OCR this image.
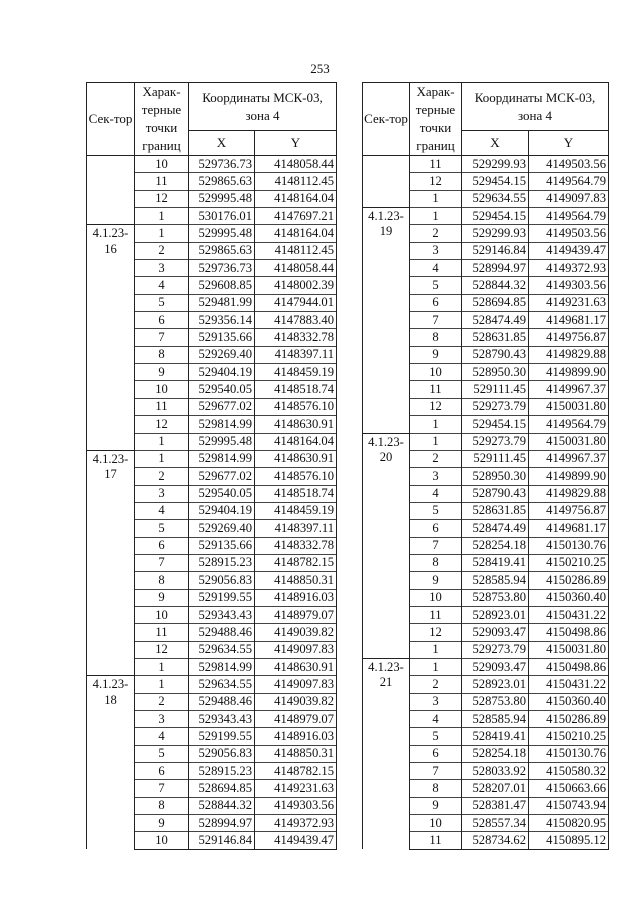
253
Сек-тор	Харак-терные точки границ	Координаты МСК-03, зона 4	
		X	Y
	10	529736.73	4148058.44
	11	529865.63	4148112.45
	12	529995.48	4148164.04
	1	530176.01	4147697.21
4.1.23-16	1	529995.48	4148164.04
	2	529865.63	4148112.45
	3	529736.73	4148058.44
	4	529608.85	4148002.39
	5	529481.99	4147944.01
	6	529356.14	4147883.40
	7	529135.66	4148332.78
	8	529269.40	4148397.11
	9	529404.19	4148459.19
	10	529540.05	4148518.74
	11	529677.02	4148576.10
	12	529814.99	4148630.91
	1	529995.48	4148164.04
4.1.23-17	1	529814.99	4148630.91
	2	529677.02	4148576.10
	3	529540.05	4148518.74
	4	529404.19	4148459.19
	5	529269.40	4148397.11
	6	529135.66	4148332.78
	7	528915.23	4148782.15
	8	529056.83	4148850.31
	9	529199.55	4148916.03
	10	529343.43	4148979.07
	11	529488.46	4149039.82
	12	529634.55	4149097.83
	1	529814.99	4148630.91
4.1.23-18	1	529634.55	4149097.83
	2	529488.46	4149039.82
	3	529343.43	4148979.07
	4	529199.55	4148916.03
	5	529056.83	4148850.31
	6	528915.23	4148782.15
	7	528694.85	4149231.63
	8	528844.32	4149303.56
	9	528994.97	4149372.93
	10	529146.84	4149439.47
Сек-тор	Харак-терные точки границ	Координаты МСК-03, зона 4	
		X	Y
	11	529299.93	4149503.56
	12	529454.15	4149564.79
	1	529634.55	4149097.83
4.1.23-19	1	529454.15	4149564.79
	2	529299.93	4149503.56
	3	529146.84	4149439.47
	4	528994.97	4149372.93
	5	528844.32	4149303.56
	6	528694.85	4149231.63
	7	528474.49	4149681.17
	8	528631.85	4149756.87
	9	528790.43	4149829.88
	10	528950.30	4149899.90
	11	529111.45	4149967.37
	12	529273.79	4150031.80
	1	529454.15	4149564.79
4.1.23-20	1	529273.79	4150031.80
	2	529111.45	4149967.37
	3	528950.30	4149899.90
	4	528790.43	4149829.88
	5	528631.85	4149756.87
	6	528474.49	4149681.17
	7	528254.18	4150130.76
	8	528419.41	4150210.25
	9	528585.94	4150286.89
	10	528753.80	4150360.40
	11	528923.01	4150431.22
	12	529093.47	4150498.86
	1	529273.79	4150031.80
4.1.23-21	1	529093.47	4150498.86
	2	528923.01	4150431.22
	3	528753.80	4150360.40
	4	528585.94	4150286.89
	5	528419.41	4150210.25
	6	528254.18	4150130.76
	7	528033.92	4150580.32
	8	528207.01	4150663.66
	9	528381.47	4150743.94
	10	528557.34	4150820.95
	11	528734.62	4150895.12
